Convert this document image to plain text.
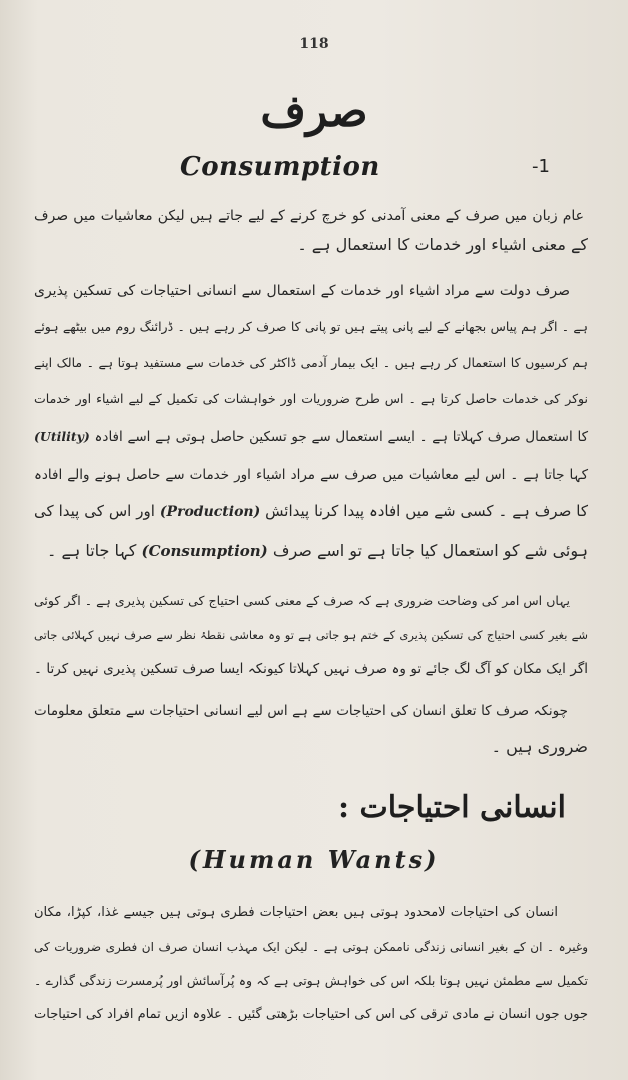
118
صرف
Consumption	-1
عام زبان میں صرف کے معنی آمدنی کو خرچ کرنے کے لیے جاتے ہیں لیکن معاشیات میں صرف
کے معنی اشیاء اور خدمات کا استعمال ہے ۔
صرف دولت سے مراد اشیاء اور خدمات کے استعمال سے انسانی احتیاجات کی تسکین پذیری
ہے ۔ اگر ہم پیاس بجھانے کے لیے پانی پیتے ہیں تو پانی کا صرف کر رہے ہیں ۔ ڈرائنگ روم میں بیٹھے ہوئے
ہم کرسیوں کا استعمال کر رہے ہیں ۔ ایک بیمار آدمی ڈاکٹر کی خدمات سے مستفید ہوتا ہے ۔ مالک اپنے
نوکر کی خدمات حاصل کرتا ہے ۔ اس طرح ضروریات اور خواہشات کی تکمیل کے لیے اشیاء اور خدمات
کا استعمال صرف کہلاتا ہے ۔ ایسے استعمال سے جو تسکین حاصل ہوتی ہے اسے افادہ (Utility)
کہا جاتا ہے ۔ اس لیے معاشیات میں صرف سے مراد اشیاء اور خدمات سے حاصل ہونے والے افادہ
کا صرف ہے ۔ کسی شے میں افادہ پیدا کرنا پیدائش (Production) اور اس کی پیدا کی
ہوئی شے کو استعمال کیا جاتا ہے تو اسے صرف (Consumption) کہا جاتا ہے ۔
یہاں اس امر کی وضاحت ضروری ہے کہ صرف کے معنی کسی احتیاج کی تسکین پذیری ہے ۔ اگر کوئی
شے بغیر کسی احتیاج کی تسکین پذیری کے ختم ہو جاتی ہے تو وہ معاشی نقطۂ نظر سے صرف نہیں کہلائی جاتی
اگر ایک مکان کو آگ لگ جائے تو وہ صرف نہیں کہلاتا کیونکہ ایسا صرف تسکین پذیری نہیں کرتا ۔
چونکہ صرف کا تعلق انسان کی احتیاجات سے ہے اس لیے انسانی احتیاجات سے متعلق معلومات
ضروری ہیں ۔
انسانی احتیاجات :
(Human Wants)
انسان کی احتیاجات لامحدود ہوتی ہیں بعض احتیاجات فطری ہوتی ہیں جیسے غذا، کپڑا، مکان
وغیرہ ۔ ان کے بغیر انسانی زندگی ناممکن ہوتی ہے ۔ لیکن ایک مہذب انسان صرف ان فطری ضروریات کی
تکمیل سے مطمئن نہیں ہوتا بلکہ اس کی خواہش ہوتی ہے کہ وہ پُرآسائش اور پُرمسرت زندگی گذارے ۔
جوں جوں انسان نے مادی ترقی کی اس کی احتیاجات بڑھتی گئیں ۔ علاوہ ازیں تمام افراد کی احتیاجات
